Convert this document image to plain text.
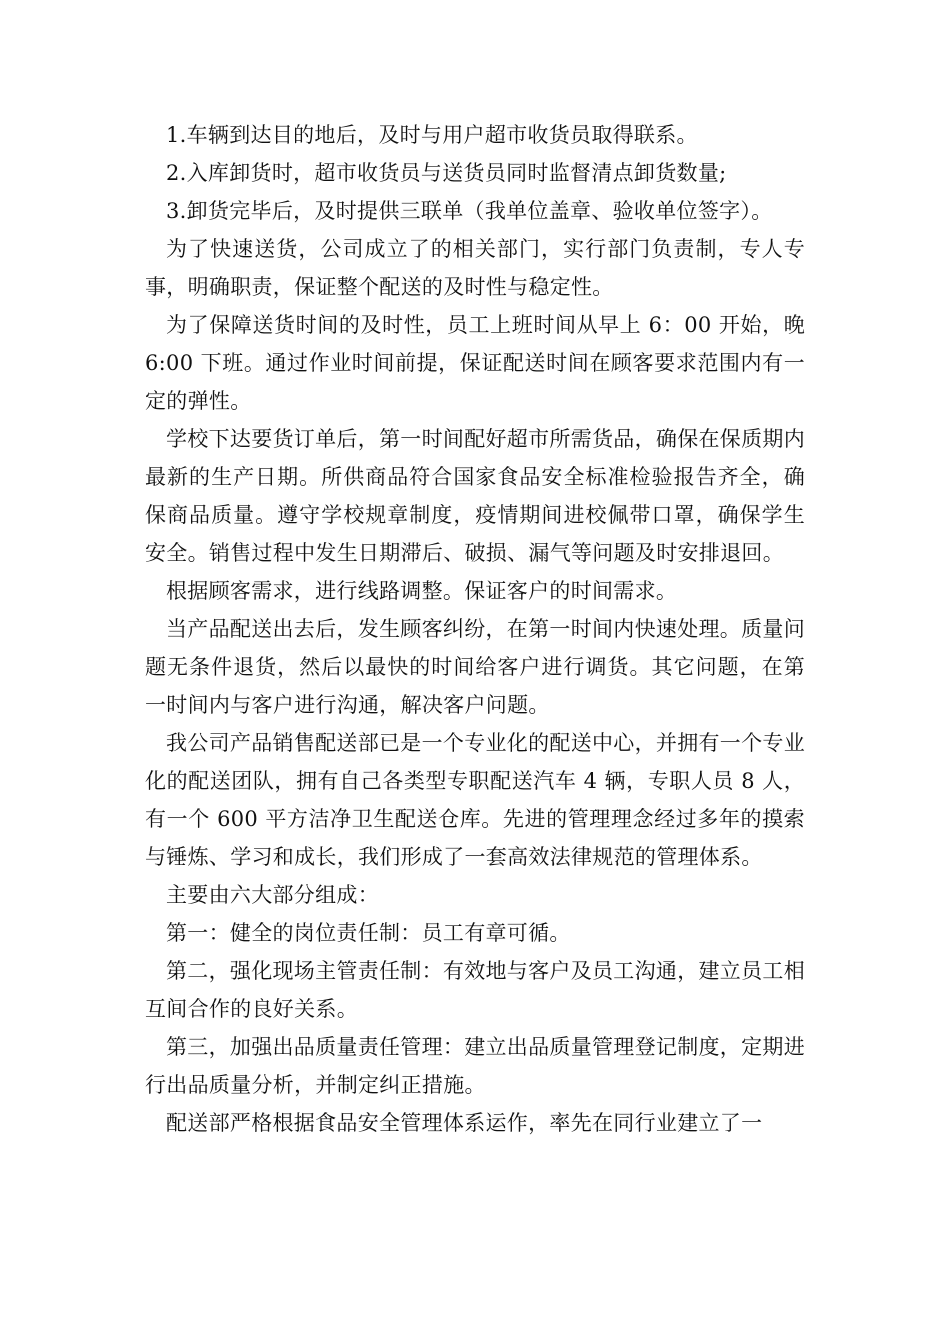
1.车辆到达目的地后，及时与用户超市收货员取得联系。

2.入库卸货时，超市收货员与送货员同时监督清点卸货数量;

3.卸货完毕后，及时提供三联单（我单位盖章、验收单位签字）。

为了快速送货，公司成立了的相关部门，实行部门负责制，专人专事，明确职责，保证整个配送的及时性与稳定性。

为了保障送货时间的及时性，员工上班时间从早上 6：00 开始，晚 6:00 下班。通过作业时间前提，保证配送时间在顾客要求范围内有一定的弹性。

学校下达要货订单后，第一时间配好超市所需货品，确保在保质期内最新的生产日期。所供商品符合国家食品安全标准检验报告齐全，确保商品质量。遵守学校规章制度，疫情期间进校佩带口罩，确保学生安全。销售过程中发生日期滞后、破损、漏气等问题及时安排退回。

根据顾客需求，进行线路调整。保证客户的时间需求。

当产品配送出去后，发生顾客纠纷，在第一时间内快速处理。质量问题无条件退货，然后以最快的时间给客户进行调货。其它问题，在第一时间内与客户进行沟通，解决客户问题。

我公司产品销售配送部已是一个专业化的配送中心，并拥有一个专业化的配送团队，拥有自己各类型专职配送汽车 4 辆，专职人员 8 人，有一个 600 平方洁净卫生配送仓库。先进的管理理念经过多年的摸索与锤炼、学习和成长，我们形成了一套高效法律规范的管理体系。

主要由六大部分组成：

第一：健全的岗位责任制：员工有章可循。

第二，强化现场主管责任制：有效地与客户及员工沟通，建立员工相互间合作的良好关系。

第三，加强出品质量责任管理：建立出品质量管理登记制度，定期进行出品质量分析，并制定纠正措施。

配送部严格根据食品安全管理体系运作，率先在同行业建立了一
